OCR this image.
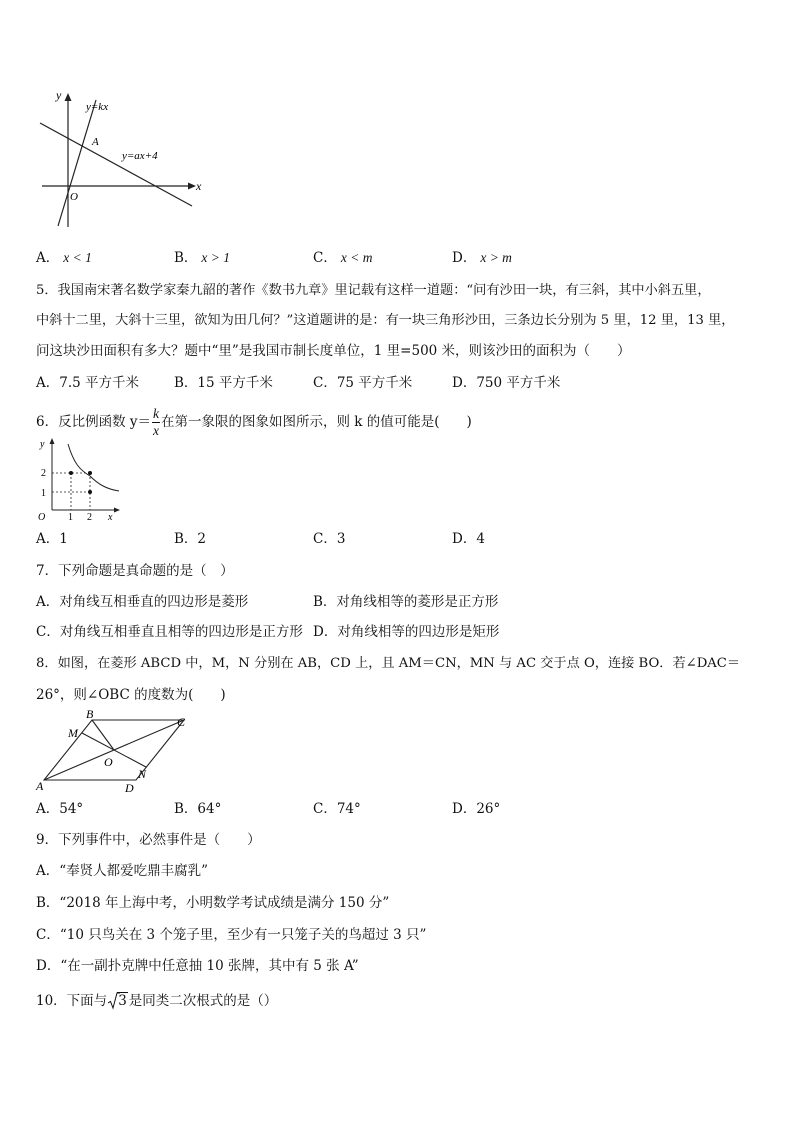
y
x
O
A
y=kx
y=ax+4
A． x < 1	B． x > 1	C． x < m	D． x > m
5．我国南宋著名数学家秦九韶的著作《数书九章》里记载有这样一道题：“问有沙田一块，有三斜，其中小斜五里，
中斜十二里，大斜十三里，欲知为田几何？”这道题讲的是：有一块三角形沙田，三条边长分别为 5 里，12 里，13 里，
问这块沙田面积有多大？题中“里”是我国市制长度单位，1 里=500 米，则该沙田的面积为（　　）
A．7.5 平方千米	B．15 平方千米	C．75 平方千米	D．750 平方千米
6．反比例函数 $y= \frac{k}{x}$ 在第一象限的图象如图所示，则 k 的值可能是(　　)
y
2
1
O 1 2 x
A．1	B．2	C．3	D．4
7．下列命题是真命题的是（　）
A．对角线互相垂直的四边形是菱形	B．对角线相等的菱形是正方形
C．对角线互相垂直且相等的四边形是正方形 D．对角线相等的四边形是矩形
8．如图，在菱形 ABCD 中，M，N 分别在 AB，CD 上，且 AM＝CN，MN 与 AC 交于点 O，连接 BO．若∠DAC＝
26°，则∠OBC 的度数为(　　)
A
B
C
D
M
N
O
A．54°	B．64°	C．74°	D．26°
9．下列事件中，必然事件是（　　）
A．“奉贤人都爱吃鼎丰腐乳”
B．“2018 年上海中考，小明数学考试成绩是满分 150 分”
C．“10 只鸟关在 3 个笼子里，至少有一只笼子关的鸟超过 3 只”
D．“在一副扑克牌中任意抽 10 张牌，其中有 5 张 A”
10．下面与 3 是同类二次根式的是（）
